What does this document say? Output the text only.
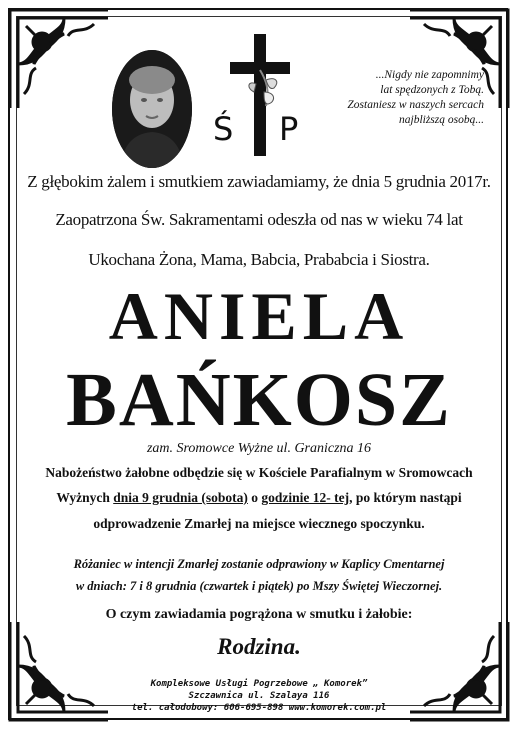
Ś P
...Nigdy nie zapomnimy
lat spędzonych z Tobą.
Zostaniesz w naszych sercach
najbliższą osobą...
Z głębokim żalem i smutkiem zawiadamiamy, że dnia 5 grudnia 2017r.
Zaopatrzona Św. Sakramentami odeszła od nas w wieku 74 lat
Ukochana Żona, Mama, Babcia, Prababcia i Siostra.
ANIELA
BAŃKOSZ
zam. Sromowce Wyżne ul. Graniczna 16
Nabożeństwo żałobne odbędzie się w Kościele Parafialnym w Sromowcach
Wyżnych dnia 9 grudnia (sobota) o godzinie 12- tej, po którym nastąpi
odprowadzenie Zmarłej na miejsce wiecznego spoczynku.
Różaniec w intencji Zmarłej zostanie odprawiony w Kaplicy Cmentarnej
w dniach: 7 i 8 grudnia (czwartek i piątek) po Mszy Świętej Wieczornej.
O czym zawiadamia pogrążona w smutku i żałobie:
Rodzina.
Kompleksowe Usługi Pogrzebowe „ Komorek”
Szczawnica ul. Szalaya 116
tel. całodobowy: 606-695-898 www.komorek.com.pl
